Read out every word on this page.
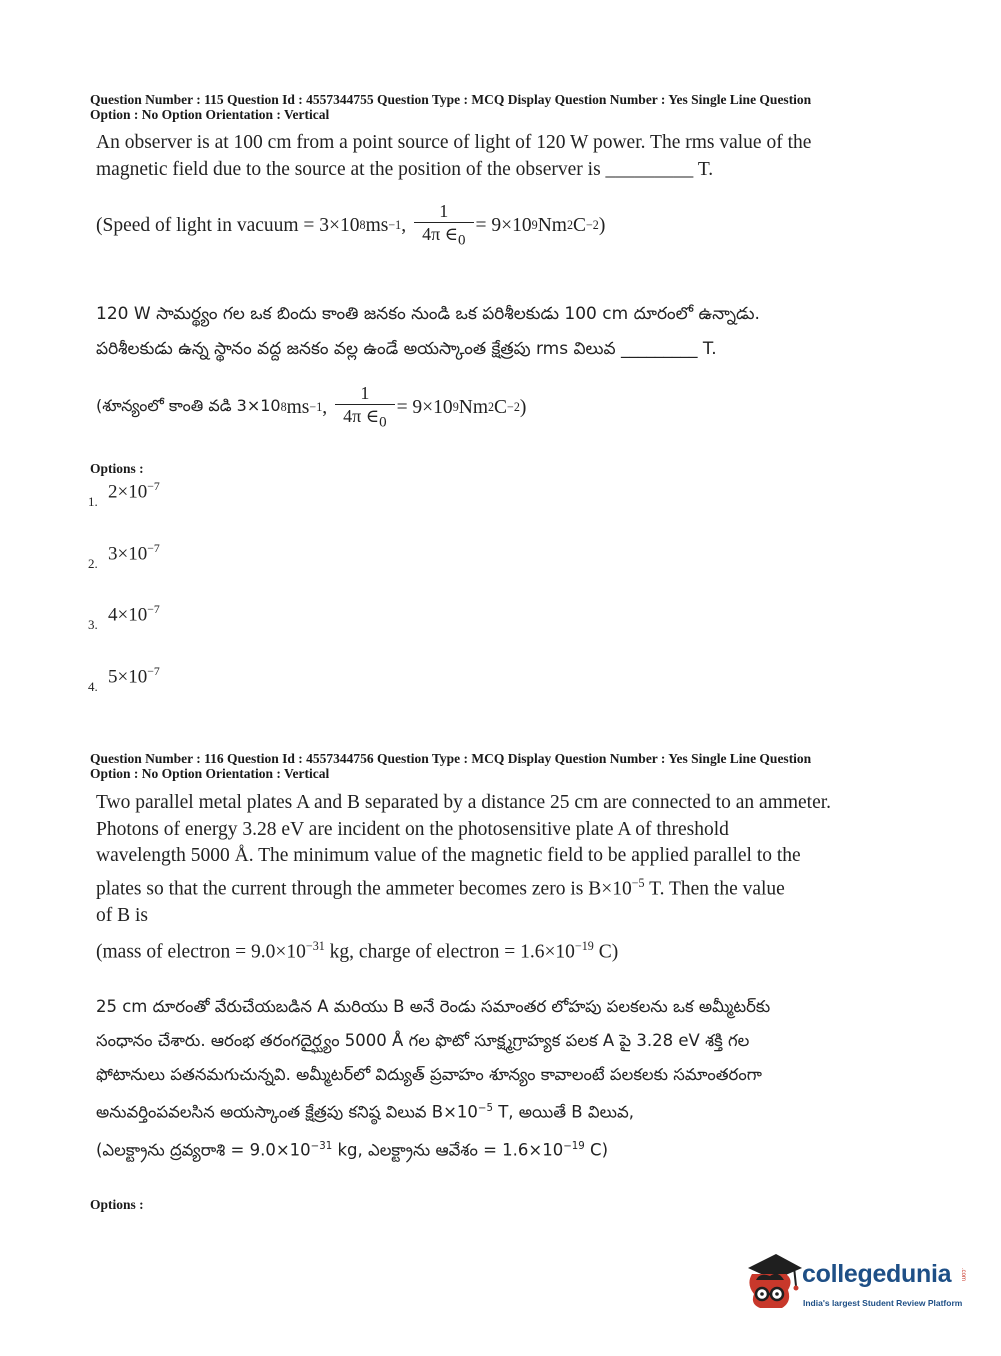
Question Number : 115 Question Id : 4557344755 Question Type : MCQ Display Question Number : Yes Single Line Question
Option : No Option Orientation : Vertical
An observer is at 100 cm from a point source of light of 120 W power. The rms value of the
magnetic field due to the source at the position of the observer is _________ T.
(Speed of light in vacuum = 3×10 8 ms −1 , $\frac{1}{4\pi \in_0} = 9\times 10$ 9 Nm 2 C −2 )
120 W సామర్థ్యం గల ఒక బిందు కాంతి జనకం నుండి ఒక పరిశీలకుడు 100 cm దూరంలో ఉన్నాడు.
పరిశీలకుడు ఉన్న స్థానం వద్ద జనకం వల్ల ఉండే అయస్కాంత క్షేత్రపు rms విలువ _________ T.
(శూన్యంలో కాంతి వడి 3×10 8 ms −1 , $\frac{1}{4\pi \in_0} = 9\times 10$ 9 Nm 2 C −2 )
Options :
1. $2\times 10^{-7}$
2. $3\times 10^{-7}$
3. $4\times 10^{-7}$
4. $5\times 10^{-7}$
Question Number : 116 Question Id : 4557344756 Question Type : MCQ Display Question Number : Yes Single Line Question
Option : No Option Orientation : Vertical
Two parallel metal plates A and B separated by a distance 25 cm are connected to an ammeter.
Photons of energy 3.28 eV are incident on the photosensitive plate A of threshold
wavelength 5000 Å. The minimum value of the magnetic field to be applied parallel to the
plates so that the current through the ammeter becomes zero is $B\times 10^{-5}$ T. Then the value
of B is
(mass of electron = $9.0\times 10^{-31}$ kg, charge of electron = $1.6\times 10^{-19}$ C)
25 cm దూరంతో వేరుచేయబడిన A మరియు B అనే రెండు సమాంతర లోహపు పలకలను ఒక అమ్మీటర్‌కు
సంధానం చేశారు. ఆరంభ తరంగదైర్ఘ్యం 5000 Å గల ఫొటో సూక్ష్మగ్రాహ్యక పలక A పై 3.28 eV శక్తి గల
ఫోటానులు పతనమగుచున్నవి. అమ్మీటర్‌లో విద్యుత్ ప్రవాహం శూన్యం కావాలంటే పలకలకు సమాంతరంగా
అనువర్తింపవలసిన అయస్కాంత క్షేత్రపు కనిష్ఠ విలువ $B\times 10^{-5}$ T, అయితే B విలువ,
(ఎలక్ట్రాను ద్రవ్యరాశి = $9.0\times 10^{-31}$ kg, ఎలక్ట్రాను ఆవేశం = $1.6\times 10^{-19}$ C)
Options :
collegedunia .com
India's largest Student Review Platform
